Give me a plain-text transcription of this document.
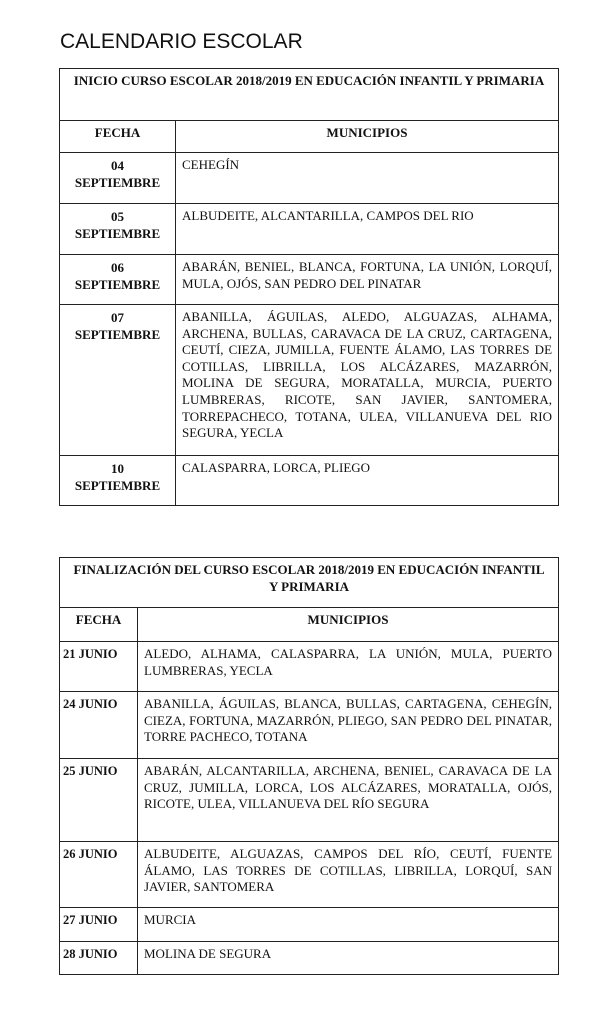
CALENDARIO ESCOLAR
INICIO CURSO ESCOLAR 2018/2019 EN EDUCACIÓN INFANTIL Y PRIMARIA	
FECHA	MUNICIPIOS
04
SEPTIEMBRE	CEHEGÍN
05
SEPTIEMBRE	ALBUDEITE, ALCANTARILLA, CAMPOS DEL RIO
06
SEPTIEMBRE	ABARÁN, BENIEL, BLANCA, FORTUNA, LA UNIÓN, LORQUÍ, MULA, OJÓS, SAN PEDRO DEL PINATAR
07
SEPTIEMBRE	ABANILLA, ÁGUILAS, ALEDO, ALGUAZAS, ALHAMA, ARCHENA, BULLAS, CARAVACA DE LA CRUZ, CARTAGENA, CEUTÍ, CIEZA, JUMILLA, FUENTE ÁLAMO, LAS TORRES DE COTILLAS, LIBRILLA, LOS ALCÁZARES, MAZARRÓN, MOLINA DE SEGURA, MORATALLA, MURCIA, PUERTO LUMBRERAS, RICOTE, SAN JAVIER, SANTOMERA, TORREPACHECO, TOTANA, ULEA, VILLANUEVA DEL RIO SEGURA, YECLA
10
SEPTIEMBRE	CALASPARRA, LORCA, PLIEGO
FINALIZACIÓN DEL CURSO ESCOLAR 2018/2019 EN EDUCACIÓN INFANTIL Y PRIMARIA	
FECHA	MUNICIPIOS
21 JUNIO	ALEDO, ALHAMA, CALASPARRA, LA UNIÓN, MULA, PUERTO LUMBRERAS, YECLA
24 JUNIO	ABANILLA, ÁGUILAS, BLANCA, BULLAS, CARTAGENA, CEHEGÍN, CIEZA, FORTUNA, MAZARRÓN, PLIEGO, SAN PEDRO DEL PINATAR, TORRE PACHECO, TOTANA
25 JUNIO	ABARÁN, ALCANTARILLA, ARCHENA, BENIEL, CARAVACA DE LA CRUZ, JUMILLA, LORCA, LOS ALCÁZARES, MORATALLA, OJÓS, RICOTE, ULEA, VILLANUEVA DEL RÍO SEGURA
26 JUNIO	ALBUDEITE, ALGUAZAS, CAMPOS DEL RÍO, CEUTÍ, FUENTE ÁLAMO, LAS TORRES DE COTILLAS, LIBRILLA, LORQUÍ, SAN JAVIER, SANTOMERA
27 JUNIO	MURCIA
28 JUNIO	MOLINA DE SEGURA
